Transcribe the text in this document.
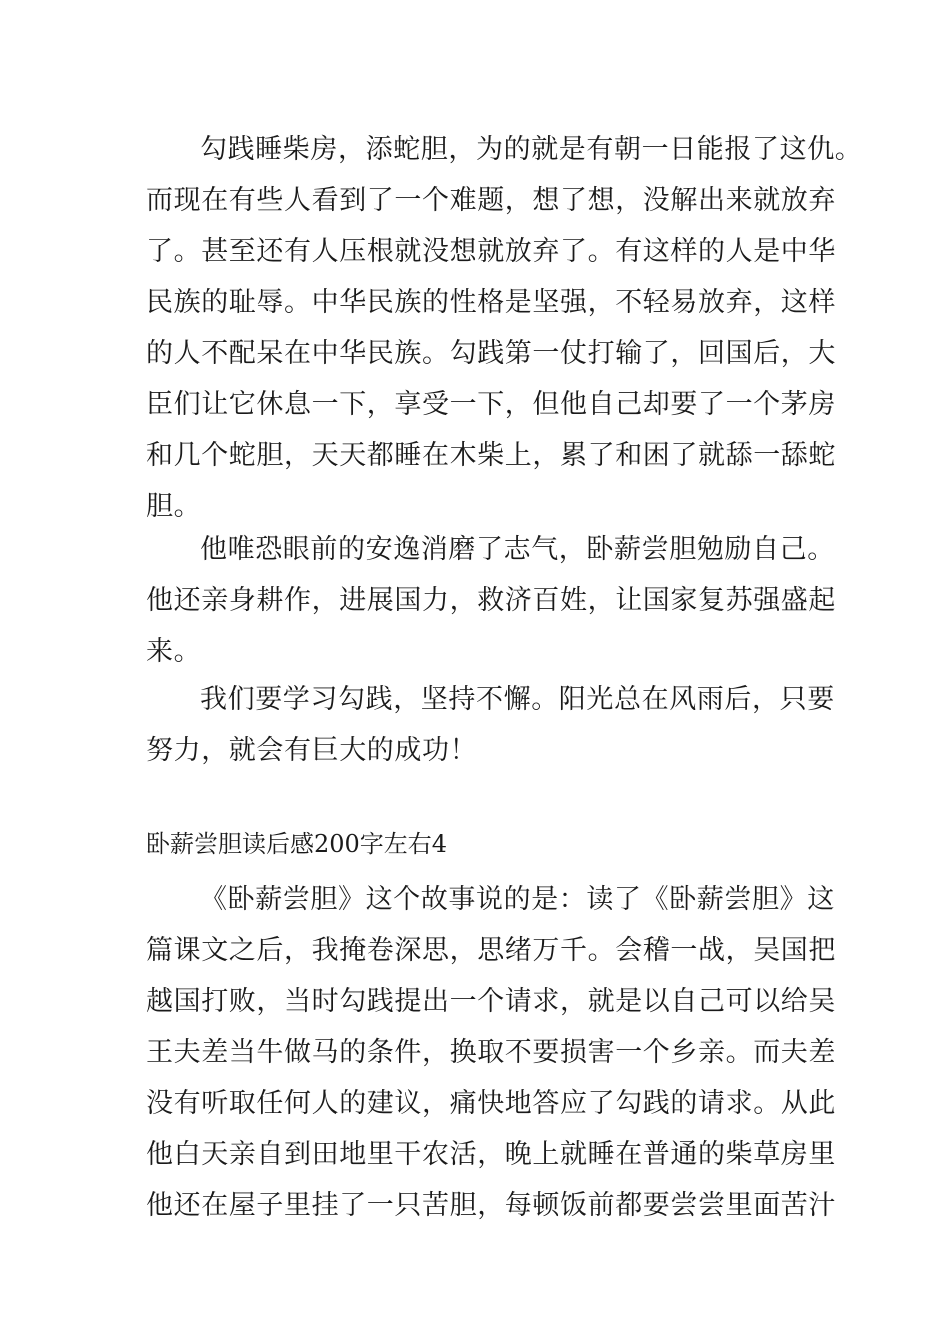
勾践睡柴房，添蛇胆，为的就是有朝一日能报了这仇。
而现在有些人看到了一个难题，想了想，没解出来就放弃
了。甚至还有人压根就没想就放弃了。有这样的人是中华
民族的耻辱。中华民族的性格是坚强，不轻易放弃，这样
的人不配呆在中华民族。勾践第一仗打输了，回国后，大
臣们让它休息一下，享受一下，但他自己却要了一个茅房
和几个蛇胆，天天都睡在木柴上，累了和困了就舔一舔蛇
胆。
他唯恐眼前的安逸消磨了志气，卧薪尝胆勉励自己。
他还亲身耕作，进展国力，救济百姓，让国家复苏强盛起
来。
我们要学习勾践，坚持不懈。阳光总在风雨后，只要
努力，就会有巨大的成功！
卧薪尝胆读后感200字左右4
《卧薪尝胆》这个故事说的是：读了《卧薪尝胆》这
篇课文之后，我掩卷深思，思绪万千。会稽一战，吴国把
越国打败，当时勾践提出一个请求，就是以自己可以给吴
王夫差当牛做马的条件，换取不要损害一个乡亲。而夫差
没有听取任何人的建议，痛快地答应了勾践的请求。从此
他白天亲自到田地里干农活，晚上就睡在普通的柴草房里
他还在屋子里挂了一只苦胆，每顿饭前都要尝尝里面苦汁
